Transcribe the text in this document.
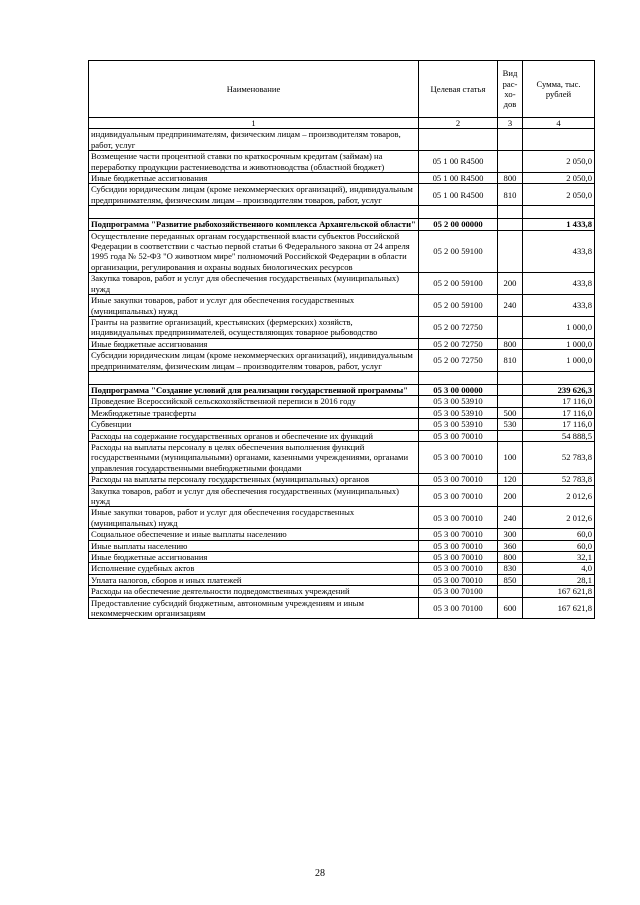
Наименование	Целевая статья	Вид рас-хо-дов	Сумма, тыс. рублей
1	2	3	4
индивидуальным предпринимателям, физическим лицам – производителям товаров, работ, услуг			
Возмещение части процентной ставки по краткосрочным кредитам (займам) на переработку продукции растениеводства и животноводства (областной бюджет)	05 1 00 R4500		2 050,0
Иные бюджетные ассигнования	05 1 00 R4500	800	2 050,0
Субсидии юридическим лицам (кроме некоммерческих организаций), индивидуальным предпринимателям, физическим лицам – производителям товаров, работ, услуг	05 1 00 R4500	810	2 050,0

Подпрограмма "Развитие рыбохозяйственного комплекса Архангельской области"	05 2 00 00000		1 433,8
Осуществление переданных органам государственной власти субъектов Российской Федерации в соответствии с частью первой статьи 6 Федерального закона от 24 апреля 1995 года № 52-ФЗ "О животном мире" полномочий Российской Федерации в области организации, регулирования и охраны водных биологических ресурсов	05 2 00 59100		433,8
Закупка товаров, работ и услуг для обеспечения государственных (муниципальных) нужд	05 2 00 59100	200	433,8
Иные закупки товаров, работ и услуг для обеспечения государственных (муниципальных) нужд	05 2 00 59100	240	433,8
Гранты на развитие организаций, крестьянских (фермерских) хозяйств, индивидуальных предпринимателей, осуществляющих товарное рыбоводство	05 2 00 72750		1 000,0
Иные бюджетные ассигнования	05 2 00 72750	800	1 000,0
Субсидии юридическим лицам (кроме некоммерческих организаций), индивидуальным предпринимателям, физическим лицам – производителям товаров, работ, услуг	05 2 00 72750	810	1 000,0

Подпрограмма "Создание условий для реализации государственной программы"	05 3 00 00000		239 626,3
Проведение Всероссийской сельскохозяйственной переписи в 2016 году	05 3 00 53910		17 116,0
Межбюджетные трансферты	05 3 00 53910	500	17 116,0
Субвенции	05 3 00 53910	530	17 116,0
Расходы на содержание государственных органов и обеспечение их функций	05 3 00 70010		54 888,5
Расходы на выплаты персоналу в целях обеспечения выполнения функций государственными (муниципальными) органами, казенными учреждениями, органами управления государственными внебюджетными фондами	05 3 00 70010	100	52 783,8
Расходы на выплаты персоналу государственных (муниципальных) органов	05 3 00 70010	120	52 783,8
Закупка товаров, работ и услуг для обеспечения государственных (муниципальных) нужд	05 3 00 70010	200	2 012,6
Иные закупки товаров, работ и услуг для обеспечения государственных (муниципальных) нужд	05 3 00 70010	240	2 012,6
Социальное обеспечение и иные выплаты населению	05 3 00 70010	300	60,0
Иные выплаты населению	05 3 00 70010	360	60,0
Иные бюджетные ассигнования	05 3 00 70010	800	32,1
Исполнение судебных актов	05 3 00 70010	830	4,0
Уплата налогов, сборов и иных платежей	05 3 00 70010	850	28,1
Расходы на обеспечение деятельности подведомственных учреждений	05 3 00 70100		167 621,8
Предоставление субсидий бюджетным, автономным учреждениям и иным некоммерческим организациям	05 3 00 70100	600	167 621,8
28
